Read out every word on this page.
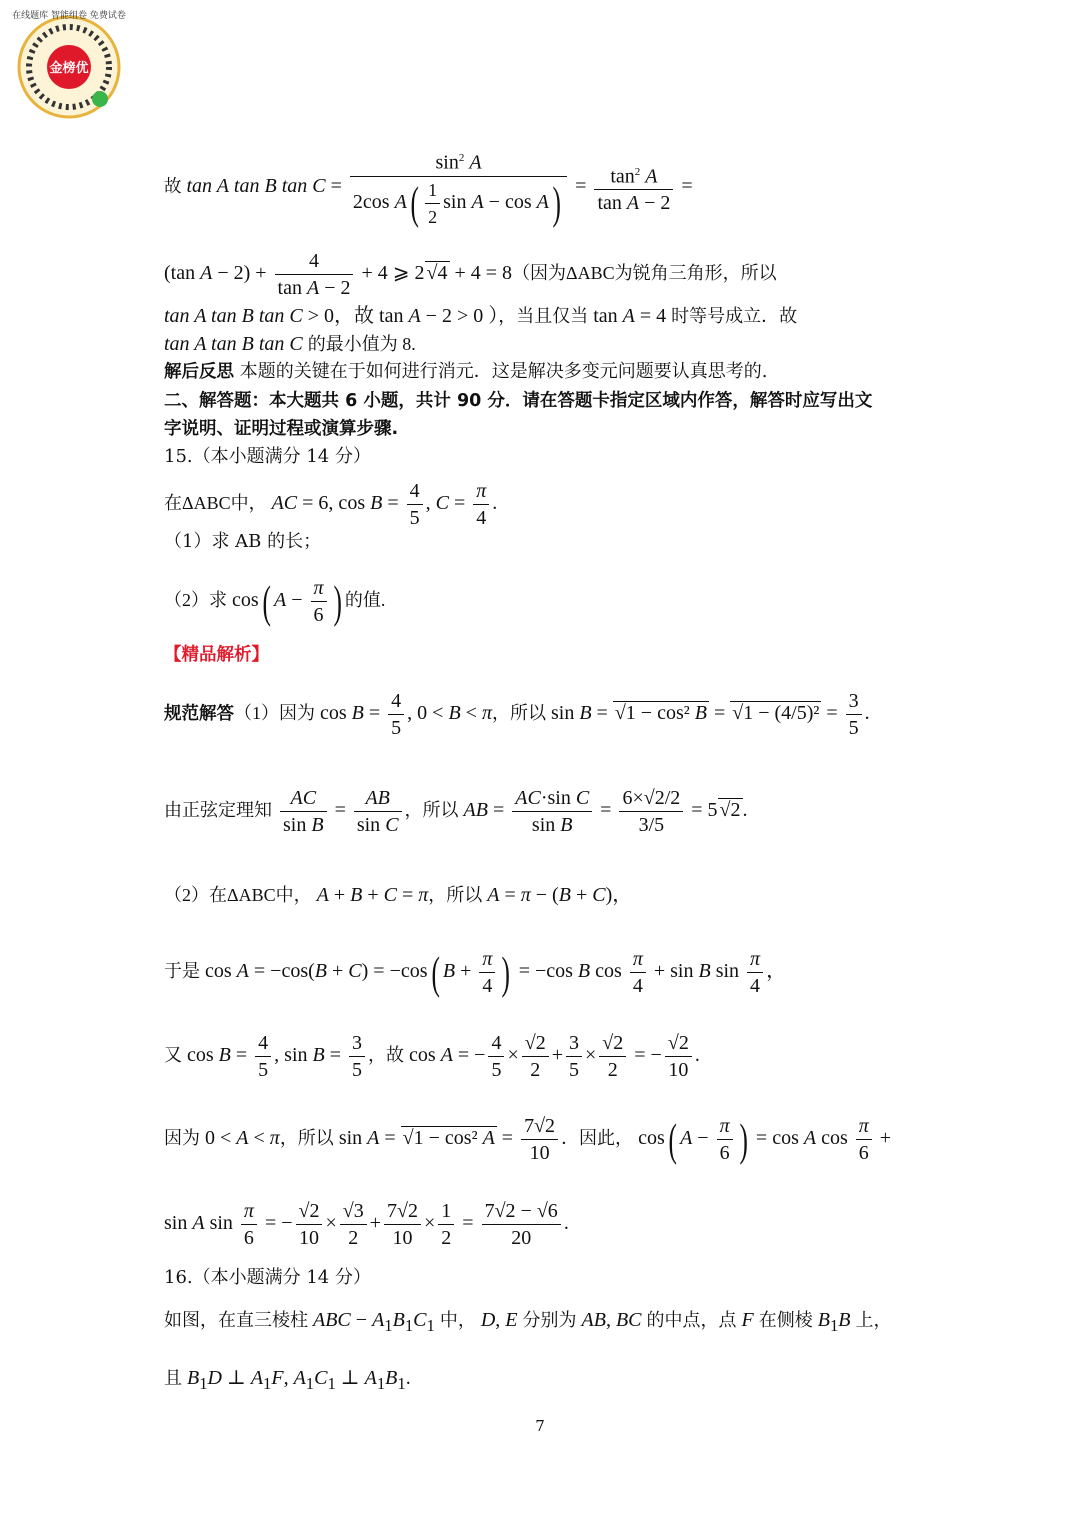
金榜优
在线题库 智能组卷 免费试卷
故 tan A tan B $\tan C = \frac{\sin^2 A}{2\cos A( \frac{1}{2} \sin A - \cos A)} = \frac{\tan^2 A}{\text{tan A − 2}}$ =
(tan $A - 2) + \frac{4}{\text{tan A − 2}} + 4$ ⩾ 2 √4 + 4 = 8（因为ΔABC为锐角三角形，所以
tan A tan B tan C > 0，故 tan A − 2 > 0 ），当且仅当 tan A = 4 时等号成立．故
tan A tan B tan C 的最小值为 8.
解后反思 本题的关键在于如何进行消元．这是解决多变元问题要认真思考的.
二、解答题：本大题共 6 小题，共计 90 分．请在答题卡指定区域内作答，解答时应写出文
字说明、证明过程或演算步骤.
15.（本小题满分 14 分）
在ΔABC中， AC = 6, $\cos B = \frac{4}{5}$ , $C = \frac{\pi}{4}$ .
（1）求 AB 的长；
（2）求 cos( $A - \frac{\pi}{6}$ ) 的值.
【精品解析】
规范解答（1）因为 $\cos B = \frac{4}{5}$ , 0 < B < π，所以 sin B = √1 − cos² $B = √1 - (4/5)^2 = \frac{3}{5}$ .
由正弦定理知 $\frac{AC}{\text{sin B}} = \frac{AB}{\text{sin C}}$ ，所以 AB = $\frac{\text{AC·sin C}}{\text{sin B}} = \frac{6\times√2/2}{3/5} = 5$ √2 .
（2）在ΔABC中， A + B + C = π，所以 A = π − (B + C)，
于是 cos A = −cos(B + C) = −cos( $B + \frac{\pi}{4}$ ) = −cos B $\cos \frac{\pi}{4} + \sin B$ $\sin \frac{\pi}{4}$ ，
又 $\cos B = \frac{4}{5}$ , $\sin B = \frac{3}{5}$ ，故 cos A = − $\frac{4}{5} \times \frac{√2}{2} + \frac{3}{5} \times \frac{√2}{2}$ = − $\frac{√2}{10}$ .
因为 0 < A < π，所以 sin A = √1 − cos² $A = \frac{7√2}{10}$ ．因此， cos( $A - \frac{\pi}{6}$ ) = cos A $\cos \frac{\pi}{6}$ +
sin A $\sin \frac{\pi}{6}$ = − $\frac{√2}{10} \times \frac{√3}{2} + \frac{7√2}{10} \times \frac{1}{2} = \frac{7√2 - √6}{20}$ .
16.（本小题满分 14 分）
如图，在直三棱柱 ABC − $A_1B_1C_1$ 中， D, E 分别为 AB, BC 的中点，点 F 在侧棱 $B_1B$ 上，
且 $B_1D$ ⊥ $A_1F$, $A_1C_1$ ⊥ $A_1B_1$.
7
